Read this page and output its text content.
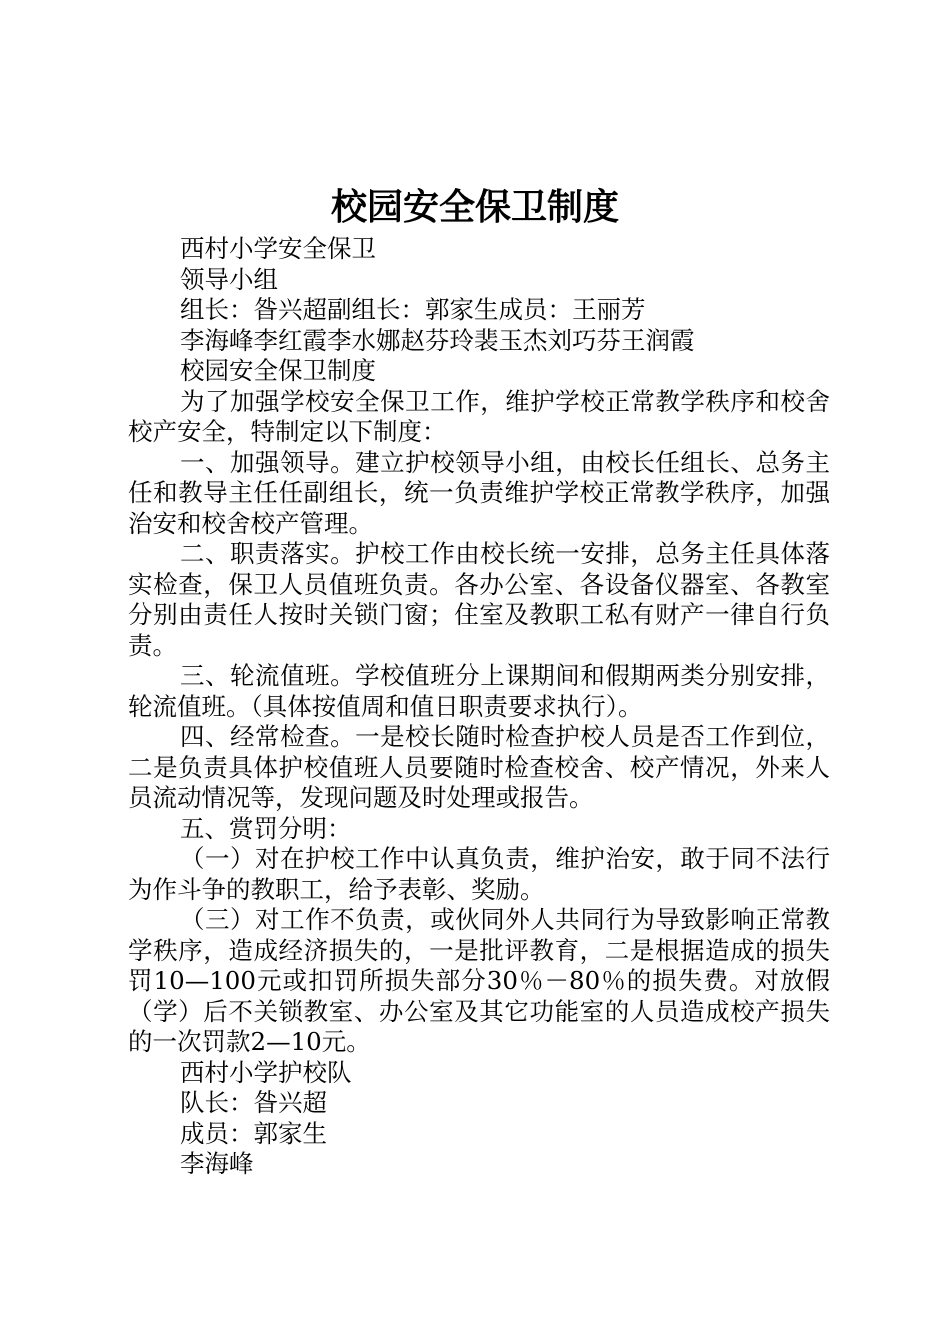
校园安全保卫制度

西村小学安全保卫

领导小组

组长：昝兴超副组长：郭家生成员：王丽芳

李海峰李红霞李水娜赵芬玲裴玉杰刘巧芬王润霞

校园安全保卫制度

为了加强学校安全保卫工作，维护学校正常教学秩序和校舍校产安全，特制定以下制度：

一、加强领导。建立护校领导小组，由校长任组长、总务主任和教导主任任副组长，统一负责维护学校正常教学秩序，加强治安和校舍校产管理。

二、职责落实。护校工作由校长统一安排，总务主任具体落实检查，保卫人员值班负责。各办公室、各设备仪器室、各教室分别由责任人按时关锁门窗；住室及教职工私有财产一律自行负责。

三、轮流值班。学校值班分上课期间和假期两类分别安排，轮流值班。（具体按值周和值日职责要求执行）。

四、经常检查。一是校长随时检查护校人员是否工作到位，二是负责具体护校值班人员要随时检查校舍、校产情况，外来人员流动情况等，发现问题及时处理或报告。

五、赏罚分明：

（一）对在护校工作中认真负责，维护治安，敢于同不法行为作斗争的教职工，给予表彰、奖励。

（三）对工作不负责，或伙同外人共同行为导致影响正常教学秩序，造成经济损失的，一是批评教育，二是根据造成的损失罚10—100元或扣罚所损失部分30％－80％的损失费。对放假（学）后不关锁教室、办公室及其它功能室的人员造成校产损失的一次罚款2—10元。

西村小学护校队

队长：昝兴超

成员：郭家生

李海峰
